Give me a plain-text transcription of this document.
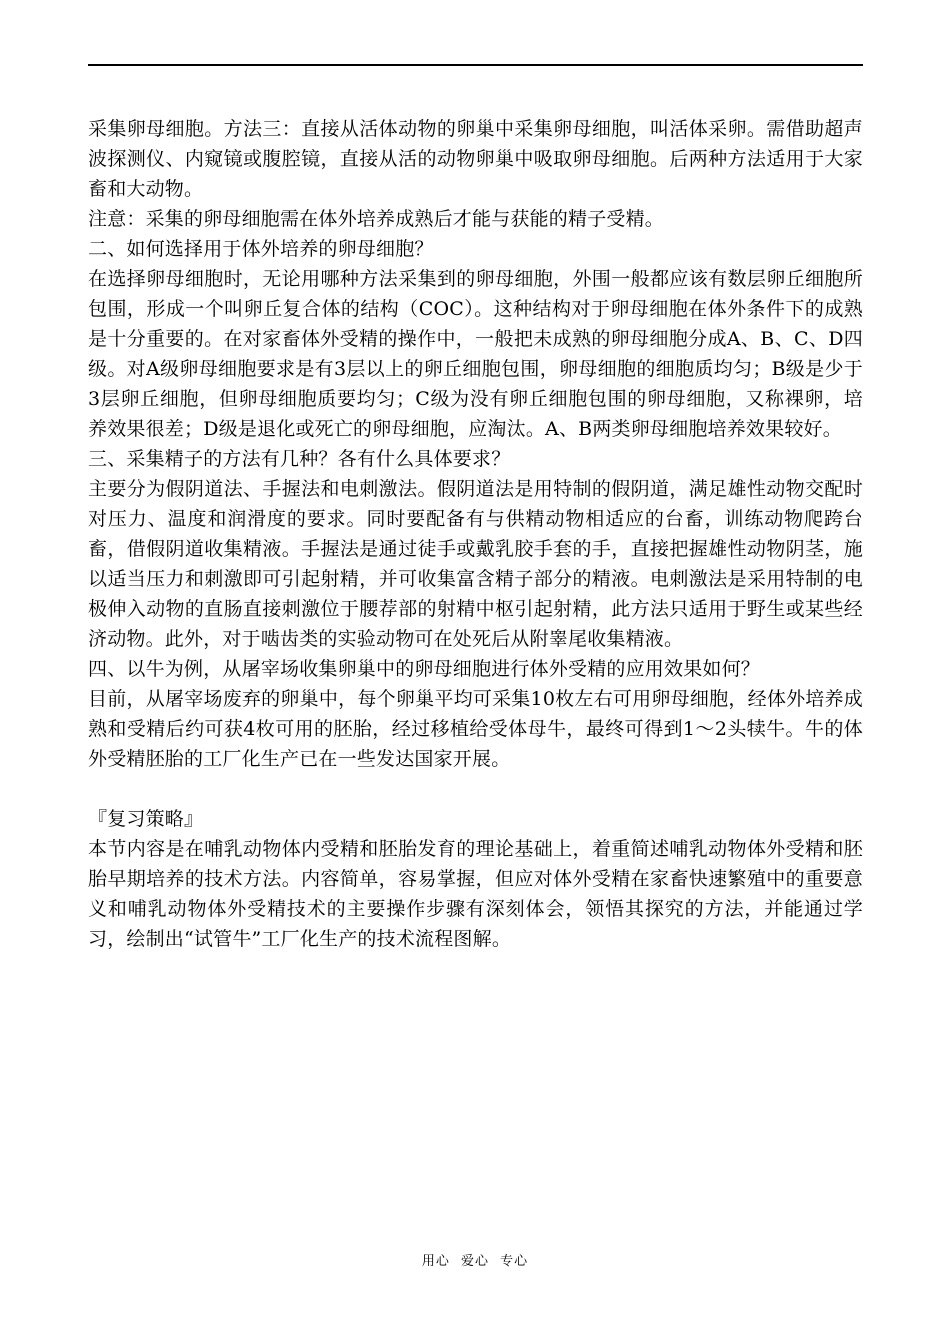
采集卵母细胞。方法三：直接从活体动物的卵巢中采集卵母细胞，叫活体采卵。需借助超声波探测仪、内窥镜或腹腔镜，直接从活的动物卵巢中吸取卵母细胞。后两种方法适用于大家畜和大动物。

注意：采集的卵母细胞需在体外培养成熟后才能与获能的精子受精。

二、如何选择用于体外培养的卵母细胞？

在选择卵母细胞时，无论用哪种方法采集到的卵母细胞，外围一般都应该有数层卵丘细胞所包围，形成一个叫卵丘复合体的结构（COC）。这种结构对于卵母细胞在体外条件下的成熟是十分重要的。在对家畜体外受精的操作中，一般把未成熟的卵母细胞分成A、B、C、D四级。对A级卵母细胞要求是有3层以上的卵丘细胞包围，卵母细胞的细胞质均匀；B级是少于3层卵丘细胞，但卵母细胞质要均匀；C级为没有卵丘细胞包围的卵母细胞，又称裸卵，培养效果很差；D级是退化或死亡的卵母细胞，应淘汰。A、B两类卵母细胞培养效果较好。

三、采集精子的方法有几种？各有什么具体要求？

主要分为假阴道法、手握法和电刺激法。假阴道法是用特制的假阴道，满足雄性动物交配时对压力、温度和润滑度的要求。同时要配备有与供精动物相适应的台畜，训练动物爬跨台畜，借假阴道收集精液。手握法是通过徒手或戴乳胶手套的手，直接把握雄性动物阴茎，施以适当压力和刺激即可引起射精，并可收集富含精子部分的精液。电刺激法是采用特制的电极伸入动物的直肠直接刺激位于腰荐部的射精中枢引起射精，此方法只适用于野生或某些经济动物。此外，对于啮齿类的实验动物可在处死后从附睾尾收集精液。

四、以牛为例，从屠宰场收集卵巢中的卵母细胞进行体外受精的应用效果如何？

目前，从屠宰场废弃的卵巢中，每个卵巢平均可采集10枚左右可用卵母细胞，经体外培养成熟和受精后约可获4枚可用的胚胎，经过移植给受体母牛，最终可得到1～2头犊牛。牛的体外受精胚胎的工厂化生产已在一些发达国家开展。

『复习策略』

本节内容是在哺乳动物体内受精和胚胎发育的理论基础上，着重简述哺乳动物体外受精和胚胎早期培养的技术方法。内容简单，容易掌握，但应对体外受精在家畜快速繁殖中的重要意义和哺乳动物体外受精技术的主要操作步骤有深刻体会，领悟其探究的方法，并能通过学习，绘制出“试管牛”工厂化生产的技术流程图解。

用心 爱心 专心
